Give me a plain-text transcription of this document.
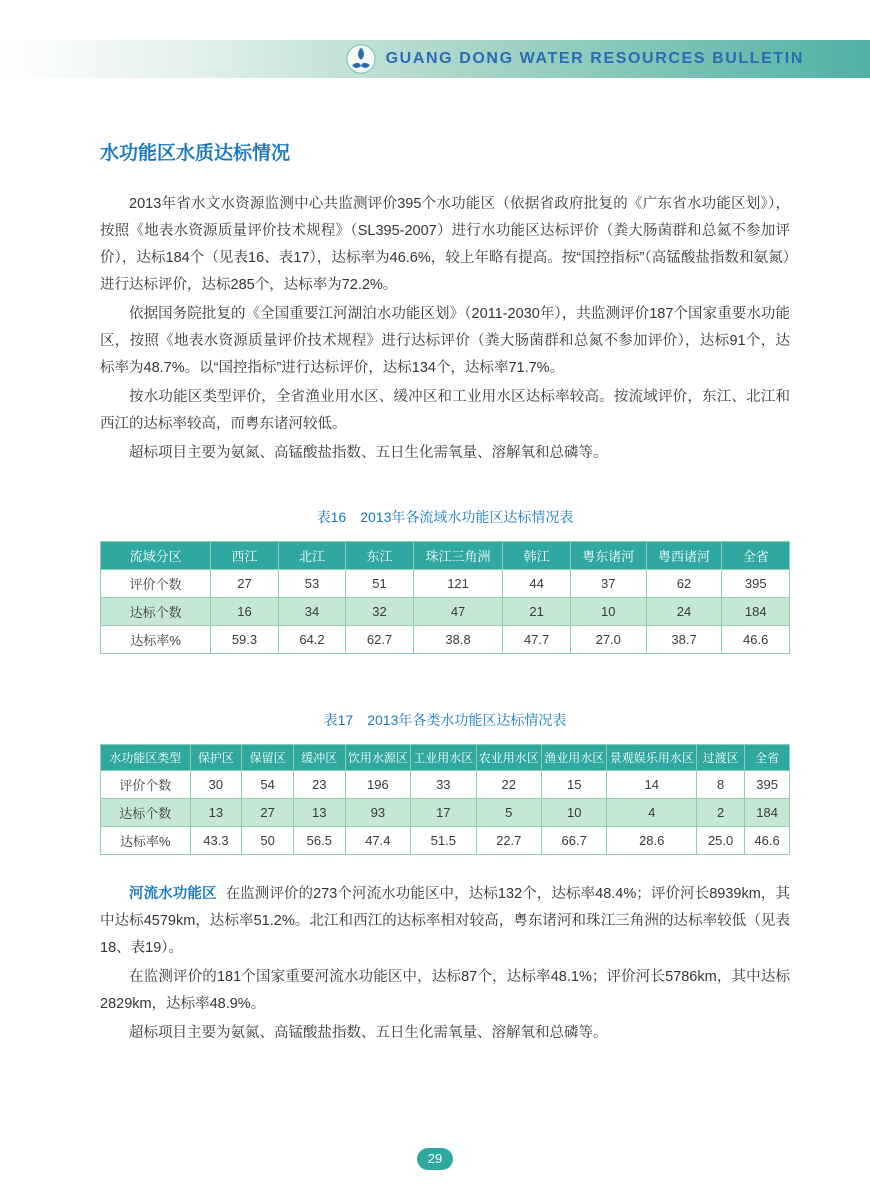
GUANG DONG WATER RESOURCES BULLETIN
水功能区水质达标情况

2013年省水文水资源监测中心共监测评价395个水功能区（依据省政府批复的《广东省水功能区划》），按照《地表水资源质量评价技术规程》（SL395-2007）进行水功能区达标评价（粪大肠菌群和总氮不参加评价），达标184个（见表16、表17），达标率为46.6%，较上年略有提高。按“国控指标”（高锰酸盐指数和氨氮）进行达标评价，达标285个，达标率为72.2%。

依据国务院批复的《全国重要江河湖泊水功能区划》（2011-2030年），共监测评价187个国家重要水功能区，按照《地表水资源质量评价技术规程》进行达标评价（粪大肠菌群和总氮不参加评价），达标91个，达标率为48.7%。以“国控指标”进行达标评价，达标134个，达标率71.7%。

按水功能区类型评价，全省渔业用水区、缓冲区和工业用水区达标率较高。按流域评价，东江、北江和西江的达标率较高，而粤东诸河较低。

超标项目主要为氨氮、高锰酸盐指数、五日生化需氧量、溶解氧和总磷等。

表16　2013年各流域水功能区达标情况表
流域分区	西江	北江	东江	珠江三角洲	韩江	粤东诸河	粤西诸河	全省
评价个数	27	53	51	121	44	37	62	395
达标个数	16	34	32	47	21	10	24	184
达标率%	59.3	64.2	62.7	38.8	47.7	27.0	38.7	46.6
表17　2013年各类水功能区达标情况表
水功能区类型	保护区	保留区	缓冲区	饮用水源区	工业用水区	农业用水区	渔业用水区	景观娱乐用水区	过渡区	全省
评价个数	30	54	23	196	33	22	15	14	8	395
达标个数	13	27	13	93	17	5	10	4	2	184
达标率%	43.3	50	56.5	47.4	51.5	22.7	66.7	28.6	25.0	46.6

河流水功能区 在监测评价的273个河流水功能区中，达标132个，达标率48.4%；评价河长8939km，其中达标4579km，达标率51.2%。北江和西江的达标率相对较高，粤东诸河和珠江三角洲的达标率较低（见表18、表19）。

在监测评价的181个国家重要河流水功能区中，达标87个，达标率48.1%；评价河长5786km，其中达标2829km，达标率48.9%。

超标项目主要为氨氮、高锰酸盐指数、五日生化需氧量、溶解氧和总磷等。

29
